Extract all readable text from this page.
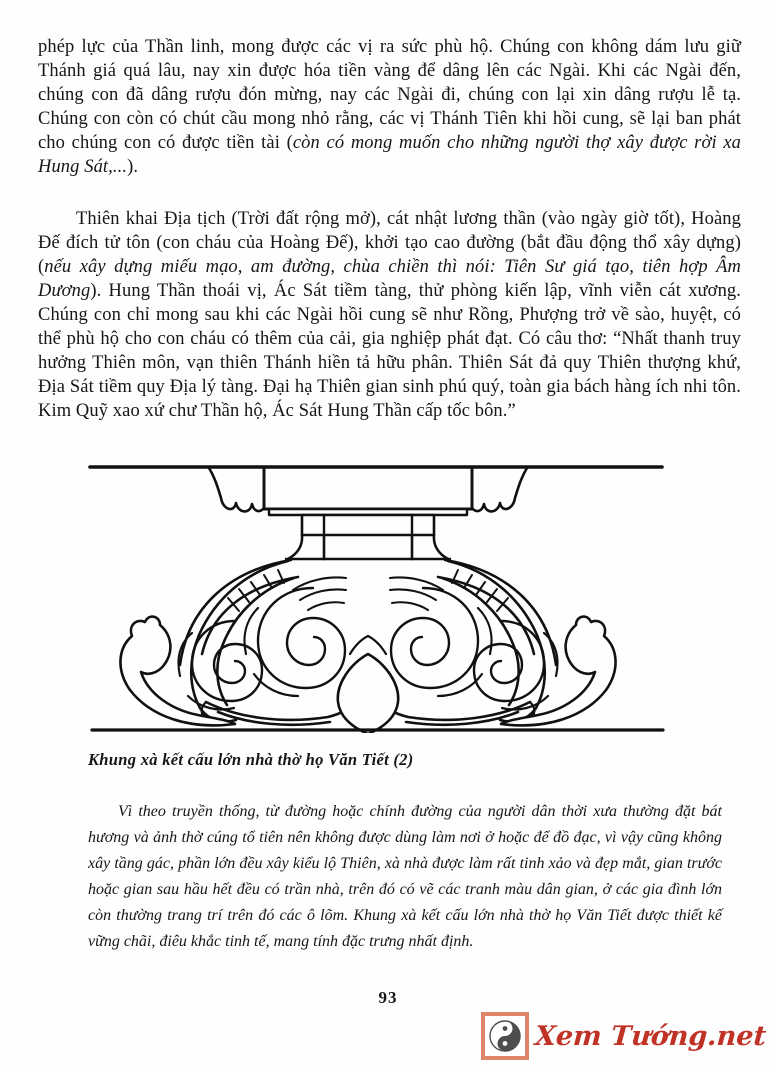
phép lực của Thần linh, mong được các vị ra sức phù hộ. Chúng con không dám lưu giữ Thánh giá quá lâu, nay xin được hóa tiền vàng để dâng lên các Ngài. Khi các Ngài đến, chúng con đã dâng rượu đón mừng, nay các Ngài đi, chúng con lại xin dâng rượu lễ tạ. Chúng con còn có chút cầu mong nhỏ rằng, các vị Thánh Tiên khi hồi cung, sẽ lại ban phát cho chúng con có được tiền tài (còn có mong muốn cho những người thợ xây được rời xa Hung Sát,...).

Thiên khai Địa tịch (Trời đất rộng mở), cát nhật lương thần (vào ngày giờ tốt), Hoàng Đế đích tử tôn (con cháu của Hoàng Đế), khởi tạo cao đường (bắt đầu động thổ xây dựng) (nếu xây dựng miếu mạo, am đường, chùa chiền thì nói: Tiên Sư giá tạo, tiên hợp Âm Dương). Hung Thần thoái vị, Ác Sát tiềm tàng, thử phòng kiến lập, vĩnh viễn cát xương. Chúng con chỉ mong sau khi các Ngài hồi cung sẽ như Rồng, Phượng trở về sào, huyệt, có thể phù hộ cho con cháu có thêm của cải, gia nghiệp phát đạt. Có câu thơ: “Nhất thanh truy hưởng Thiên môn, vạn thiên Thánh hiền tả hữu phân. Thiên Sát đả quy Thiên thượng khứ, Địa Sát tiềm quy Địa lý tàng. Đại hạ Thiên gian sinh phú quý, toàn gia bách hàng ích nhi tôn. Kim Quỹ xao xứ chư Thần hộ, Ác Sát Hung Thần cấp tốc bôn.”

Khung xà kết cấu lớn nhà thờ họ Văn Tiết (2)

Vì theo truyền thống, từ đường hoặc chính đường của người dân thời xưa thường đặt bát hương và ảnh thờ cúng tổ tiên nên không được dùng làm nơi ở hoặc để đồ đạc, vì vậy cũng không xây tầng gác, phần lớn đều xây kiểu lộ Thiên, xà nhà được làm rất tinh xảo và đẹp mắt, gian trước hoặc gian sau hầu hết đều có trần nhà, trên đó có vẽ các tranh màu dân gian, ở các gia đình lớn còn thường trang trí trên đó các ô lõm. Khung xà kết cấu lớn nhà thờ họ Văn Tiết được thiết kế vững chãi, điêu khắc tinh tế, mang tính đặc trưng nhất định.

93
Xem Tướng.net
